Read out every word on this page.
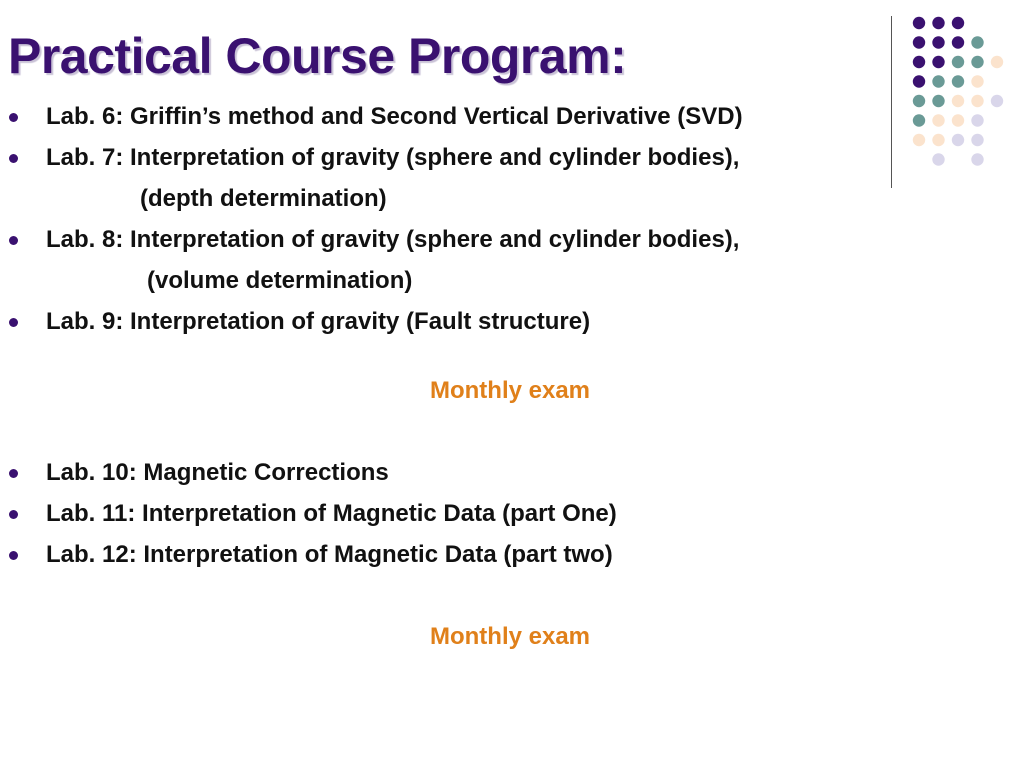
Practical Course Program:
Lab. 6: Griffin’s method and Second Vertical Derivative (SVD)
Lab. 7: Interpretation of gravity (sphere and cylinder bodies),
(depth determination)
Lab. 8: Interpretation of gravity (sphere and cylinder bodies),
(volume determination)
Lab. 9: Interpretation of gravity (Fault structure)
Monthly exam
Lab. 10: Magnetic Corrections
Lab. 11: Interpretation of Magnetic Data (part One)
Lab. 12: Interpretation of Magnetic Data (part two)
Monthly exam
